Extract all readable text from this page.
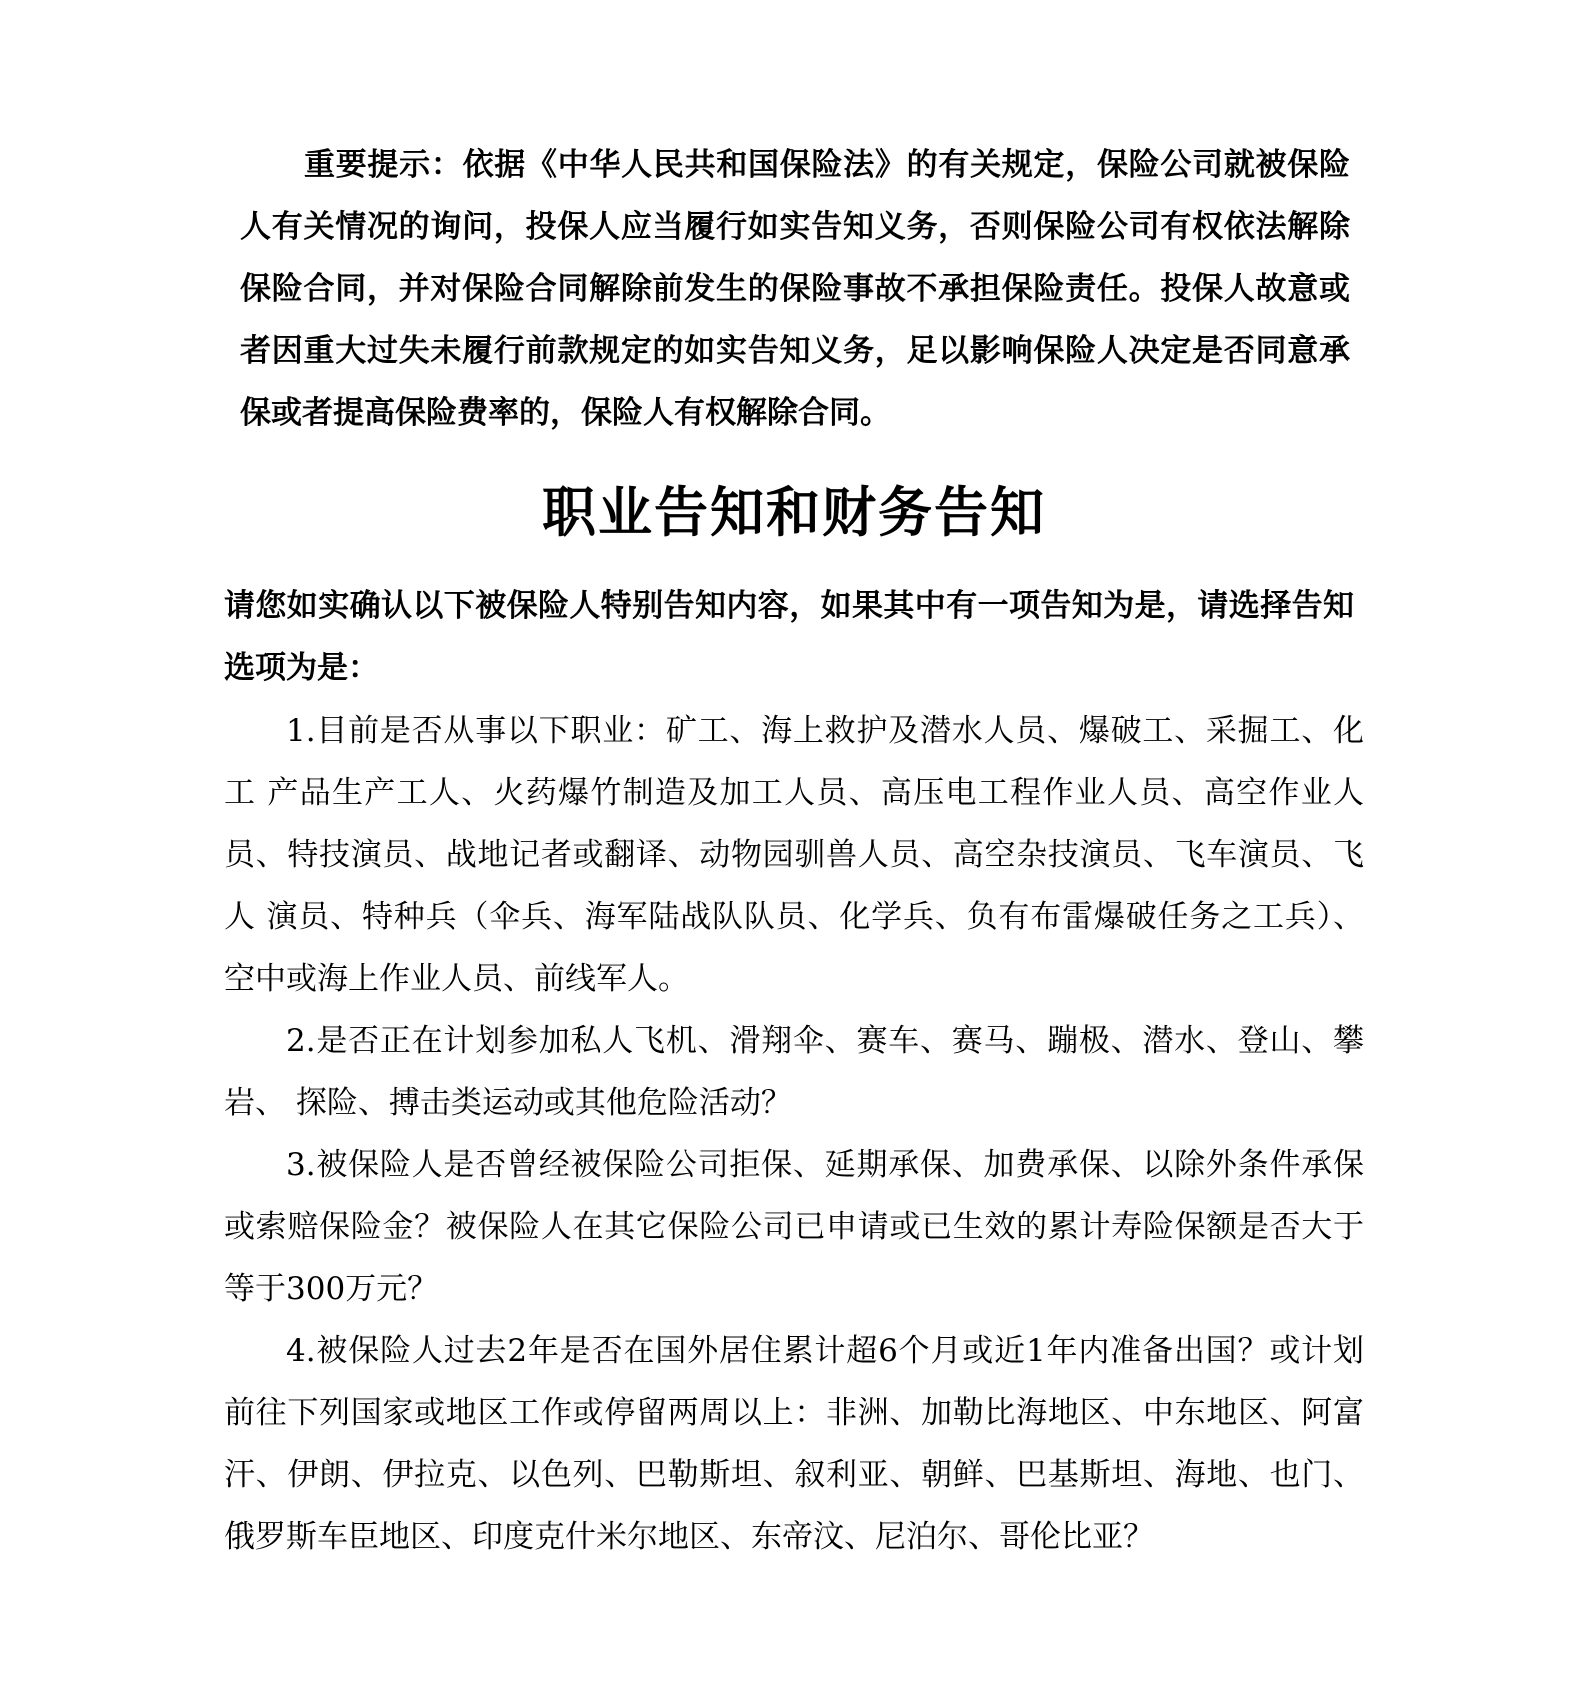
重要提示：依据《中华人民共和国保险法》的有关规定，保险公司就被保险人有关情况的询问，投保人应当履行如实告知义务，否则保险公司有权依法解除保险合同，并对保险合同解除前发生的保险事故不承担保险责任。投保人故意或者因重大过失未履行前款规定的如实告知义务，足以影响保险人决定是否同意承保或者提高保险费率的，保险人有权解除合同。

职业告知和财务告知

请您如实确认以下被保险人特别告知内容，如果其中有一项告知为是，请选择告知选项为是：

1.目前是否从事以下职业：矿工、海上救护及潜水人员、爆破工、采掘工、化工 产品生产工人、火药爆竹制造及加工人员、高压电工程作业人员、高空作业人员、特技演员、战地记者或翻译、动物园驯兽人员、高空杂技演员、飞车演员、飞人 演员、特种兵（伞兵、海军陆战队队员、化学兵、负有布雷爆破任务之工兵）、空中或海上作业人员、前线军人。
2.是否正在计划参加私人飞机、滑翔伞、赛车、赛马、蹦极、潜水、登山、攀岩、 探险、搏击类运动或其他危险活动？
3.被保险人是否曾经被保险公司拒保、延期承保、加费承保、以除外条件承保或索赔保险金？被保险人在其它保险公司已申请或已生效的累计寿险保额是否大于等于300万元？
4.被保险人过去2年是否在国外居住累计超6个月或近1年内准备出国？或计划前往下列国家或地区工作或停留两周以上：非洲、加勒比海地区、中东地区、阿富汗、伊朗、伊拉克、以色列、巴勒斯坦、叙利亚、朝鲜、巴基斯坦、海地、也门、俄罗斯车臣地区、印度克什米尔地区、东帝汶、尼泊尔、哥伦比亚？
